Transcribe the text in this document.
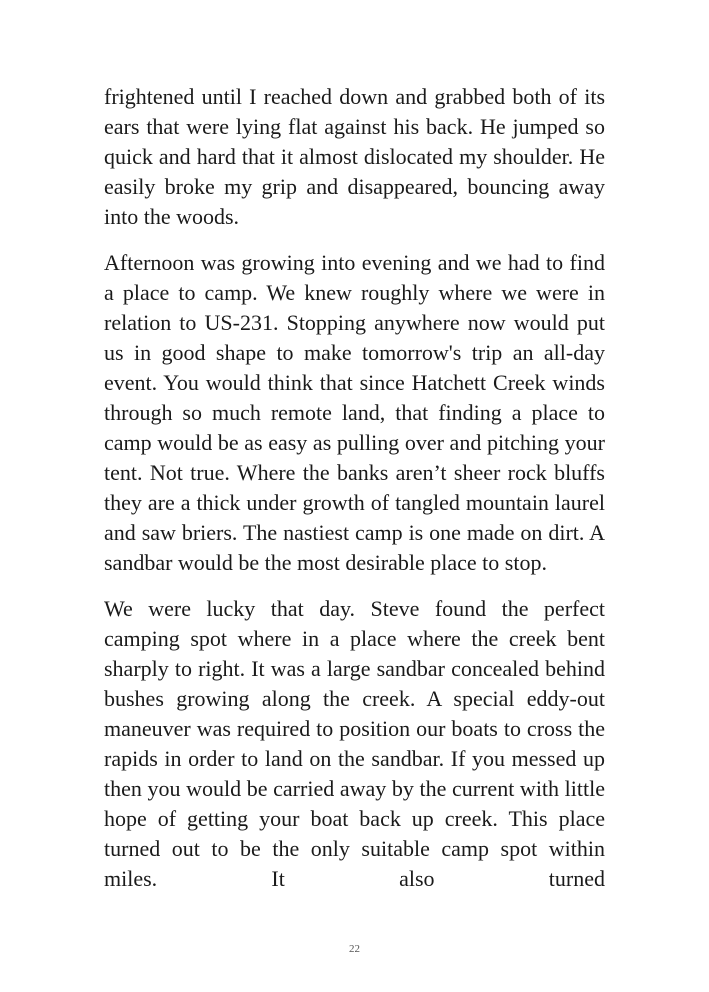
frightened until I reached down and grabbed both of its ears that were lying flat against his back. He jumped so quick and hard that it almost dislocated my shoulder. He easily broke my grip and disappeared, bouncing away into the woods.

Afternoon was growing into evening and we had to find a place to camp. We knew roughly where we were in relation to US-231. Stopping anywhere now would put us in good shape to make tomorrow's trip an all-day event. You would think that since Hatchett Creek winds through so much remote land, that finding a place to camp would be as easy as pulling over and pitching your tent. Not true. Where the banks aren’t sheer rock bluffs they are a thick under growth of tangled mountain laurel and saw briers. The nastiest camp is one made on dirt. A sandbar would be the most desirable place to stop.

We were lucky that day. Steve found the perfect camping spot where in a place where the creek bent sharply to right. It was a large sandbar concealed behind bushes growing along the creek. A special eddy-out maneuver was required to position our boats to cross the rapids in order to land on the sandbar. If you messed up then you would be carried away by the current with little hope of getting your boat back up creek. This place turned out to be the only suitable camp spot within miles. It also turned

22
